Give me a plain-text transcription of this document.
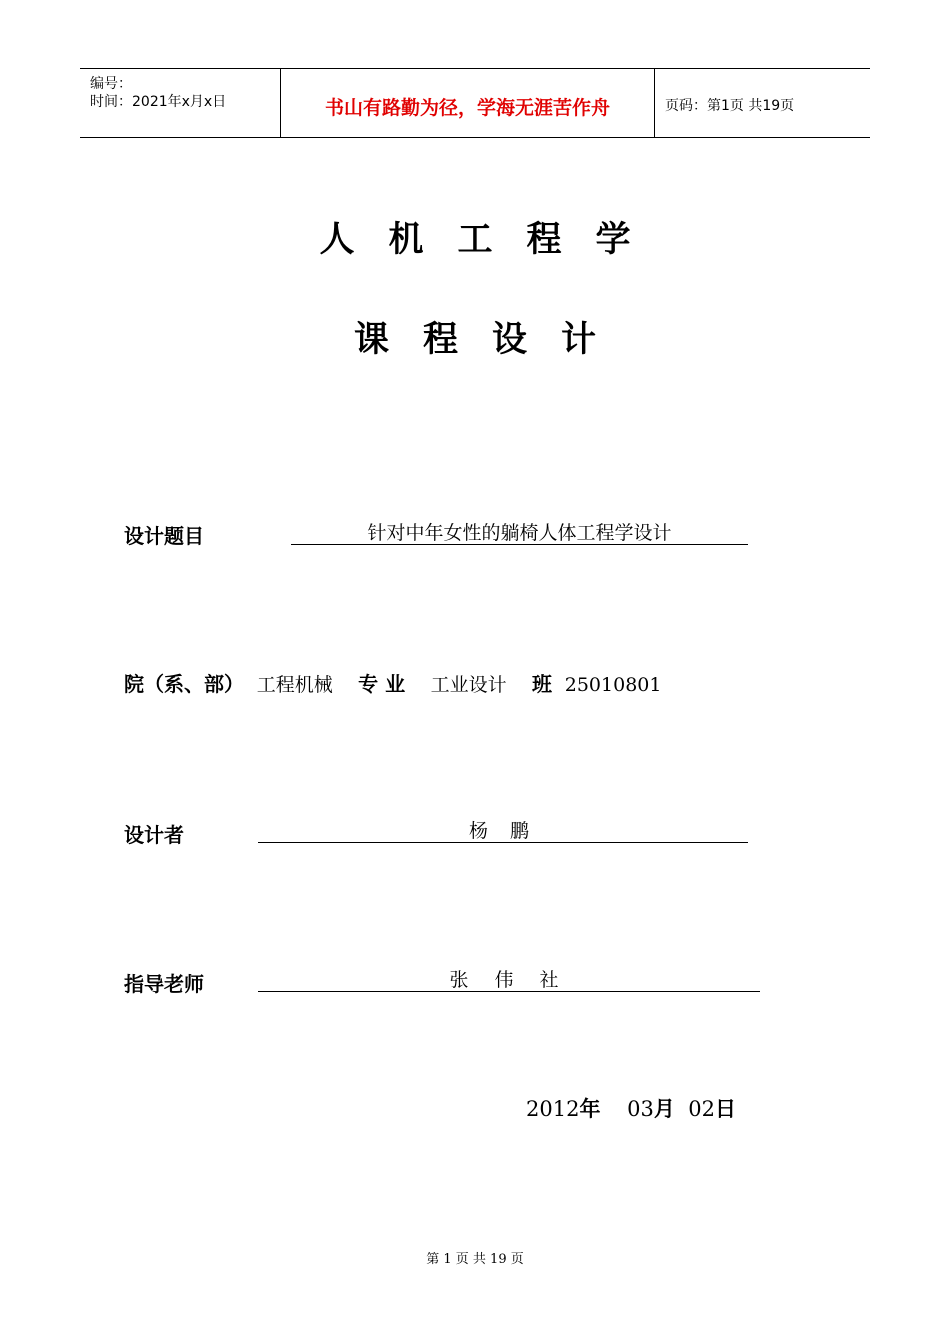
编号：
时间：2021年x月x日	书山有路勤为径，学海无涯苦作舟	页码：第1页 共19页
人机工程学
课程设计
设计题目	针对中年女性的躺椅人体工程学设计
院（系、部） 工程机械 专 业 工业设计 班 25010801
设计者	杨 鹏
指导老师	张 伟 社
2012年 03月 02日
第 1 页 共 19 页
